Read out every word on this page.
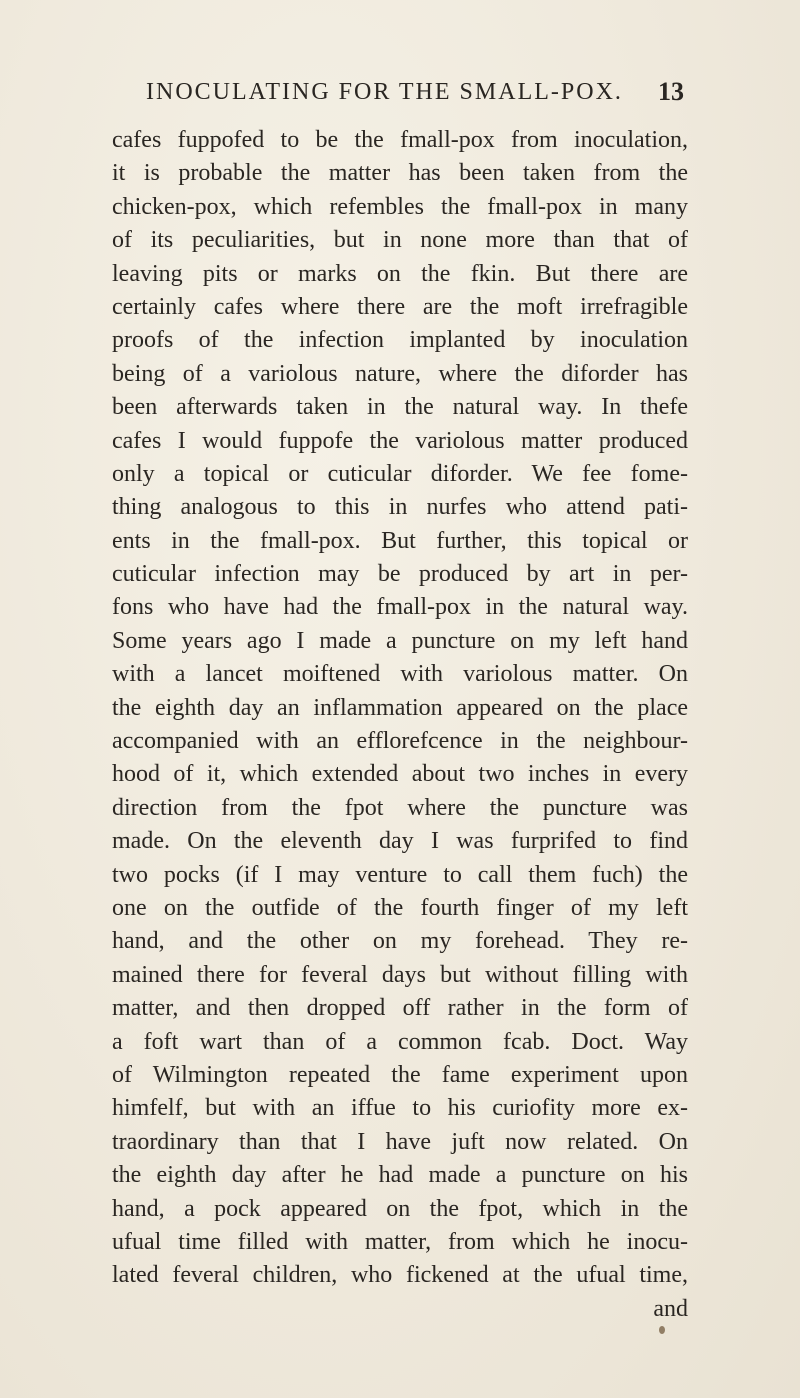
INOCULATING FOR THE SMALL-POX. 13
cafes fuppofed to be the fmall-pox from inoculation,
it is probable the matter has been taken from the
chicken-pox, which refembles the fmall-pox in many
of its peculiarities, but in none more than that of
leaving pits or marks on the fkin. But there are
certainly cafes where there are the moft irrefragible
proofs of the infection implanted by inoculation
being of a variolous nature, where the diforder has
been afterwards taken in the natural way. In thefe
cafes I would fuppofe the variolous matter produced
only a topical or cuticular diforder. We fee fome-
thing analogous to this in nurfes who attend pati-
ents in the fmall-pox. But further, this topical or
cuticular infection may be produced by art in per-
fons who have had the fmall-pox in the natural way.
Some years ago I made a puncture on my left hand
with a lancet moiftened with variolous matter. On
the eighth day an inflammation appeared on the place
accompanied with an efflorefcence in the neighbour-
hood of it, which extended about two inches in every
direction from the fpot where the puncture was
made. On the eleventh day I was furprifed to find
two pocks (if I may venture to call them fuch) the
one on the outfide of the fourth finger of my left
hand, and the other on my forehead. They re-
mained there for feveral days but without filling with
matter, and then dropped off rather in the form of
a foft wart than of a common fcab. Doct. Way
of Wilmington repeated the fame experiment upon
himfelf, but with an iffue to his curiofity more ex-
traordinary than that I have juft now related. On
the eighth day after he had made a puncture on his
hand, a pock appeared on the fpot, which in the
ufual time filled with matter, from which he inocu-
lated feveral children, who fickened at the ufual time,
and
